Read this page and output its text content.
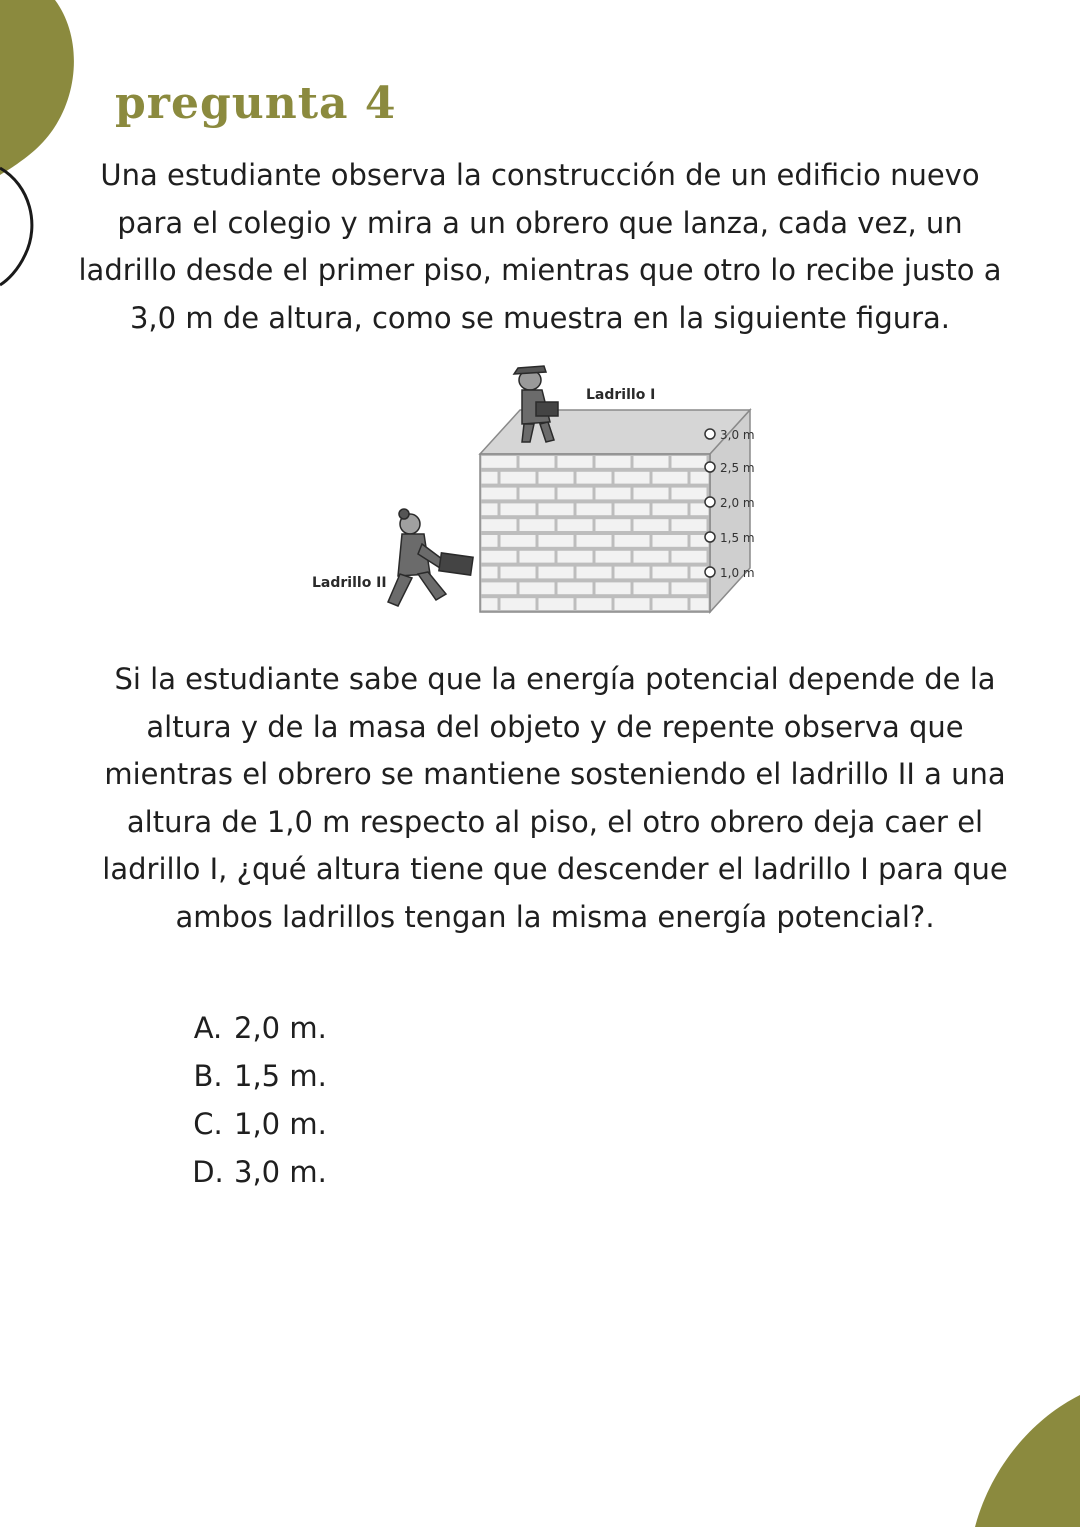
pregunta 4

Una estudiante observa la construcción de un edificio nuevo
para el colegio y mira a un obrero que lanza, cada vez, un
ladrillo desde el primer piso, mientras que otro lo recibe justo a
3,0 m de altura, como se muestra en la siguiente figura.

3,0 m
2,5 m
2,0 m
1,5 m
1,0 m
Ladrillo I
Ladrillo II

Si la estudiante sabe que la energía potencial depende de la
altura y de la masa del objeto y de repente observa que
mientras el obrero se mantiene sosteniendo el ladrillo II a una
altura de 1,0 m respecto al piso, el otro obrero deja caer el
ladrillo I, ¿qué altura tiene que descender el ladrillo I para que
ambos ladrillos tengan la misma energía potencial?.

A. 2,0 m.
B. 1,5 m.
C. 1,0 m.
D. 3,0 m.
